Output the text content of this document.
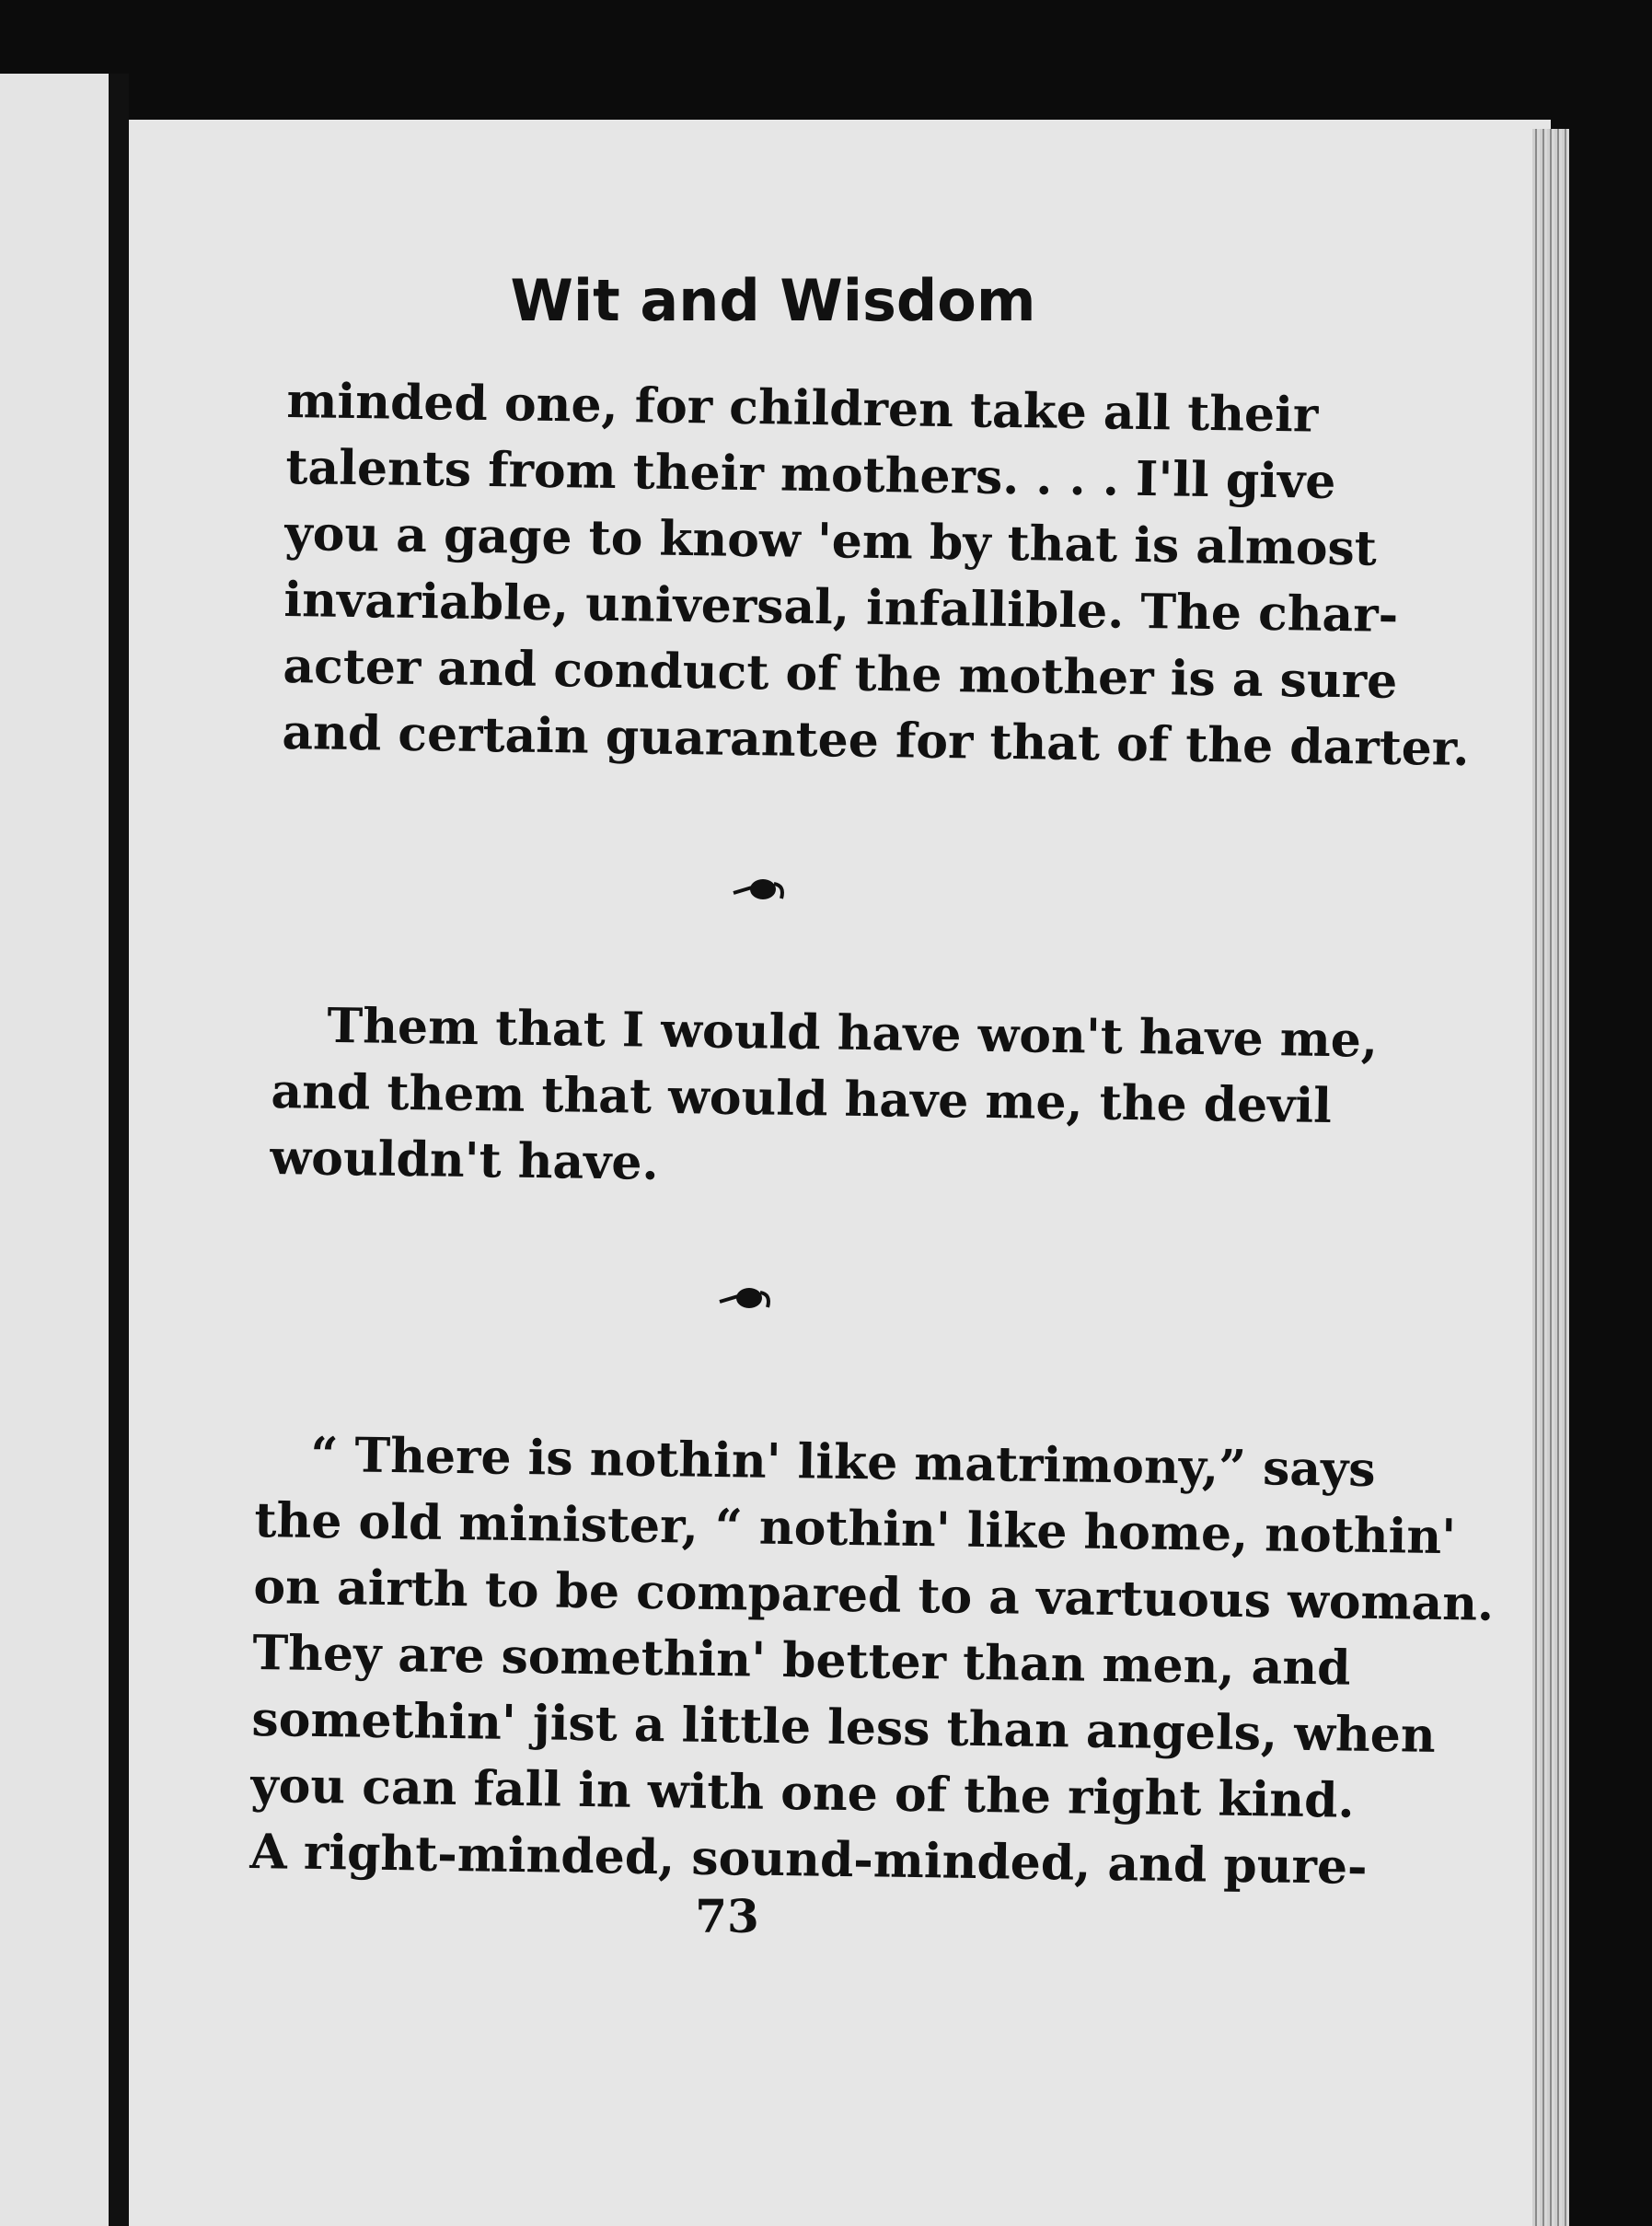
Wit and Wisdom
minded one, for children take all their
talents from their mothers. . . . I'll give
you a gage to know 'em by that is almost
invariable, universal, infallible. The char-
acter and conduct of the mother is a sure
and certain guarantee for that of the darter.
Them that I would have won't have me,
and them that would have me, the devil
wouldn't have.
“ There is nothin' like matrimony,” says
the old minister, “ nothin' like home, nothin'
on airth to be compared to a vartuous woman.
They are somethin' better than men, and
somethin' jist a little less than angels, when
you can fall in with one of the right kind.
A right-minded, sound-minded, and pure-
73
